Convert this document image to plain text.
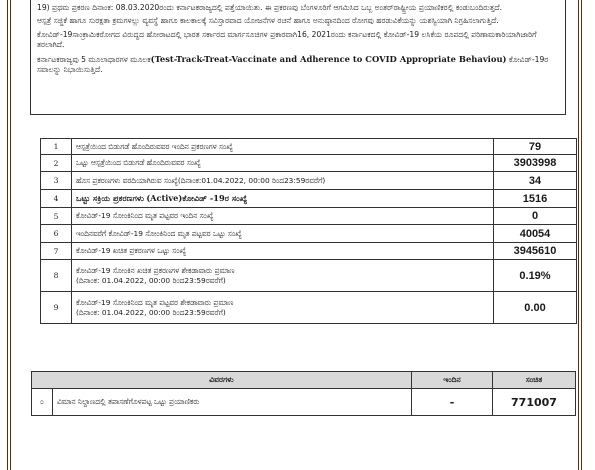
19) ಪ್ರಥಮ ಪ್ರಕರಣ ದಿನಾಂಕ: 08.03.2020ರಂದು ಕರ್ನಾಟಕರಾಜ್ಯದಲ್ಲಿ ಪತ್ತೆಯಾಯಿತು. ಈ ಪ್ರಕರಣವು ಬೆಂಗಳೂರಿಗೆ ಆಗಮಿಸಿದ ಒಬ್ಬ ಅಂತರ್‌ರಾಷ್ಟ್ರೀಯ ಪ್ರಯಾಣಿಕರಲ್ಲಿ ಕಂಡುಬಂದಿರುತ್ತದೆ.

ಆಸ್ಪತ್ರೆ ಸಜ್ಜಿಕೆ ಹಾಗೂ ಸುರಕ್ಷತಾ ಕ್ರಮಗಳಲ್ಲು ವ್ಯವಸ್ಥೆ ಹಾಗೂ ಕಾಲಕಾಲಕ್ಕೆ ಸವಿಸ್ತಾರವಾದ ಯೋಜನೆಗಳ ರಚನೆ ಹಾಗೂ ಅನುಷ್ಠಾನದಿಂದ ರೋಗವು ಹರಡುವಿಕೆಯನ್ನು ಯಶಸ್ವಿಯಾಗಿ ನಿಗ್ರಹಿಸಲಾಗುತ್ತಿದೆ.

ಕೋವಿಡ್-19ಸಾಂಕ್ರಾಮಿಕರೋಗದ ವಿರುದ್ಧದ ಹೋರಾಟದಲ್ಲಿ ಭಾರತ ಸರ್ಕಾರದ ಮಾರ್ಗಸೂಚಿಗಳ ಪ್ರಕಾರವಾಗಿ16, 2021ರಂದು ಕರ್ನಾಟಕದಲ್ಲಿ ಕೋವಿಡ್-19 ಲಸಿಕೆಯ ರೂಪದಲ್ಲಿ ಪರಿಣಾಮಕಾರಿಯಾಗಿಜಾರಿಗೆ ತರಲಾಗಿದೆ.

ಕರ್ನಾಟಕರಾಜ್ಯವು 5 ಮೂಲಾಧಾರಗಳ ಮೂಲಕ(Test-Track-Treat-Vaccinate and Adherence to COVID Appropriate Behaviou) ಕೋವಿಡ್-19ರ ಸವಾಲನ್ನು ನಿಭಾಯಿಸುತ್ತಿದೆ.

1	ಆಸ್ಪತ್ರೆಯಿಂದ ಬಿಡುಗಡೆ ಹೊಂದಿರುವವರ ಇಂದಿನ ಪ್ರಕರಣಗಳ ಸಂಖ್ಯೆ	79
2	ಒಟ್ಟು ಆಸ್ಪತ್ರೆಯಿಂದ ಬಿಡುಗಡೆ ಹೊಂದಿರುವವರ ಸಂಖ್ಯೆ	3903998
3	ಹೊಸ ಪ್ರಕರಣಗಳು ವರದಿಯಾಗಿರುವ ಸಂಖ್ಯೆ(ದಿನಾಂಕ:01.04.2022, 00:00 ರಿಂದ23:59ರವರೆಗೆ)	34
4	ಒಟ್ಟು ಸಕ್ರಿಯ ಪ್ರಕರಣಗಳು (Active)ಕೋವಿಡ್ -19ರ ಸಂಖ್ಯೆ	1516
5	ಕೋವಿಡ್-19 ಸೋಂಕಿನಿಂದ ಮೃತ ಪಟ್ಟವರ ಇಂದಿನ ಸಂಖ್ಯೆ	0
6	ಇಂದಿನವರೆಗೆ ಕೋವಿಡ್-19 ಸೋಂಕಿನಿಂದ ಮೃತ ಪಟ್ಟವರ ಒಟ್ಟು ಸಂಖ್ಯೆ	40054
7	ಕೋವಿಡ್-19 ಖಚಿತ ಪ್ರಕರಣಗಳ ಒಟ್ಟು ಸಂಖ್ಯೆ	3945610
8	ಕೋವಿಡ್-19 ಸೋಂಕಿನ ಖಚಿತ ಪ್ರಕರಣಗಳ ಶೇಕಡಾವಾರು ಪ್ರಮಾಣ
(ದಿನಾಂಕ: 01.04.2022, 00:00 ರಿಂದ23:59ರವರೆಗೆ)	0.19%
9	ಕೋವಿಡ್-19 ಸೋಂಕಿನಿಂದ ಮೃತ ಪಟ್ಟವರ ಶೇಕಡಾವಾರು ಪ್ರಮಾಣ
(ದಿನಾಂಕ: 01.04.2022, 00:00 ರಿಂದ23:59ರವರೆಗೆ)	0.00
ವಿವರಗಳು		ಇಂದಿನ	ಸಂಚಿತ
೦	ವಿಮಾನ ನಿಲ್ದಾಣದಲ್ಲಿ ತಪಾಸಣೆಗೊಳಪಟ್ಟ ಒಟ್ಟು ಪ್ರಯಾಣಿಕರು	-	771007
